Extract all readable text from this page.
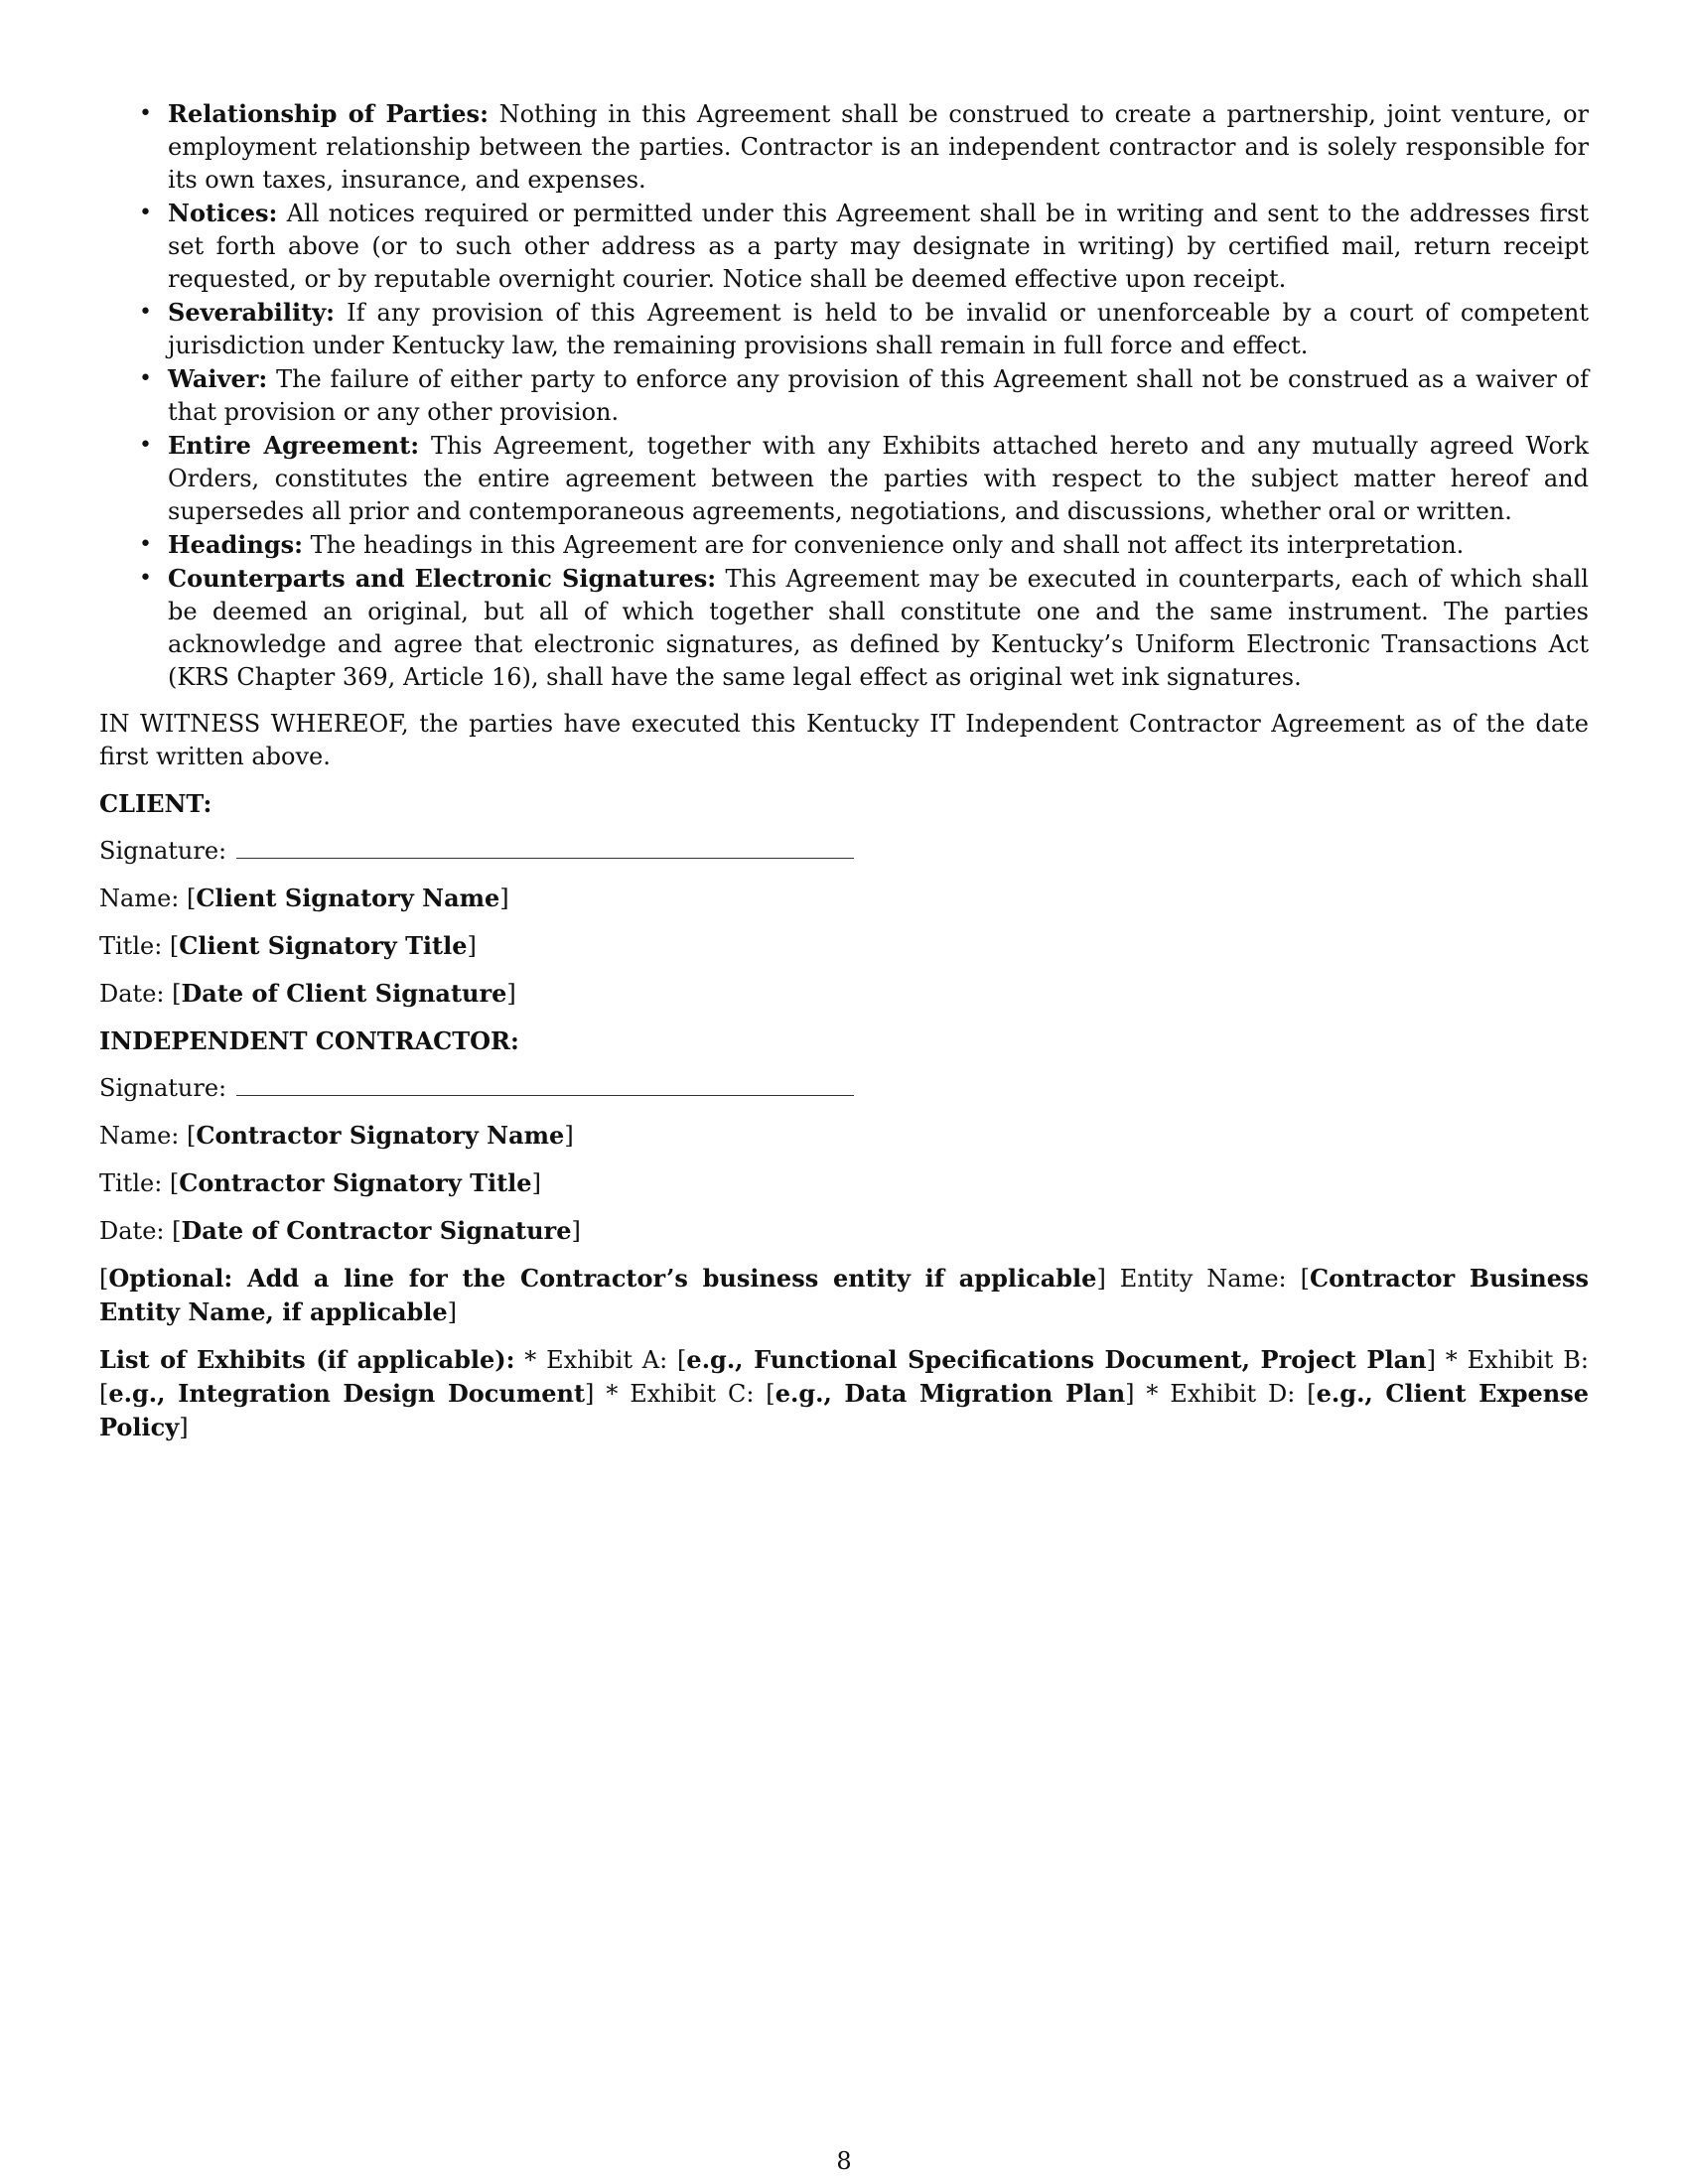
• Relationship of Parties: Nothing in this Agreement shall be construed to create a partnership, joint venture, or employment relationship between the parties. Contractor is an independent contractor and is solely responsible for its own taxes, insurance, and expenses.
• Notices: All notices required or permitted under this Agreement shall be in writing and sent to the addresses first set forth above (or to such other address as a party may designate in writing) by certified mail, return receipt requested, or by reputable overnight courier. Notice shall be deemed effective upon receipt.
• Severability: If any provision of this Agreement is held to be invalid or unenforceable by a court of competent jurisdiction under Kentucky law, the remaining provisions shall remain in full force and effect.
• Waiver: The failure of either party to enforce any provision of this Agreement shall not be construed as a waiver of that provision or any other provision.
• Entire Agreement: This Agreement, together with any Exhibits attached hereto and any mutually agreed Work Orders, constitutes the entire agreement between the parties with respect to the subject matter hereof and supersedes all prior and contemporaneous agreements, negotiations, and discussions, whether oral or written.
• Headings: The headings in this Agreement are for convenience only and shall not affect its interpretation.
• Counterparts and Electronic Signatures: This Agreement may be executed in counterparts, each of which shall be deemed an original, but all of which together shall constitute one and the same instrument. The parties acknowledge and agree that electronic signatures, as defined by Kentucky’s Uniform Electronic Transactions Act (KRS Chapter 369, Article 16), shall have the same legal effect as original wet ink signatures.

IN WITNESS WHEREOF, the parties have executed this Kentucky IT Independent Contractor Agreement as of the date first written above.

CLIENT:

Signature:

Name: [Client Signatory Name]

Title: [Client Signatory Title]

Date: [Date of Client Signature]

INDEPENDENT CONTRACTOR:

Signature:

Name: [Contractor Signatory Name]

Title: [Contractor Signatory Title]

Date: [Date of Contractor Signature]

[Optional: Add a line for the Contractor’s business entity if applicable] Entity Name: [Contractor Business Entity Name, if applicable]

List of Exhibits (if applicable): * Exhibit A: [e.g., Functional Specifications Document, Project Plan] * Exhibit B: [e.g., Integration Design Document] * Exhibit C: [e.g., Data Migration Plan] * Exhibit D: [e.g., Client Expense Policy]

8
